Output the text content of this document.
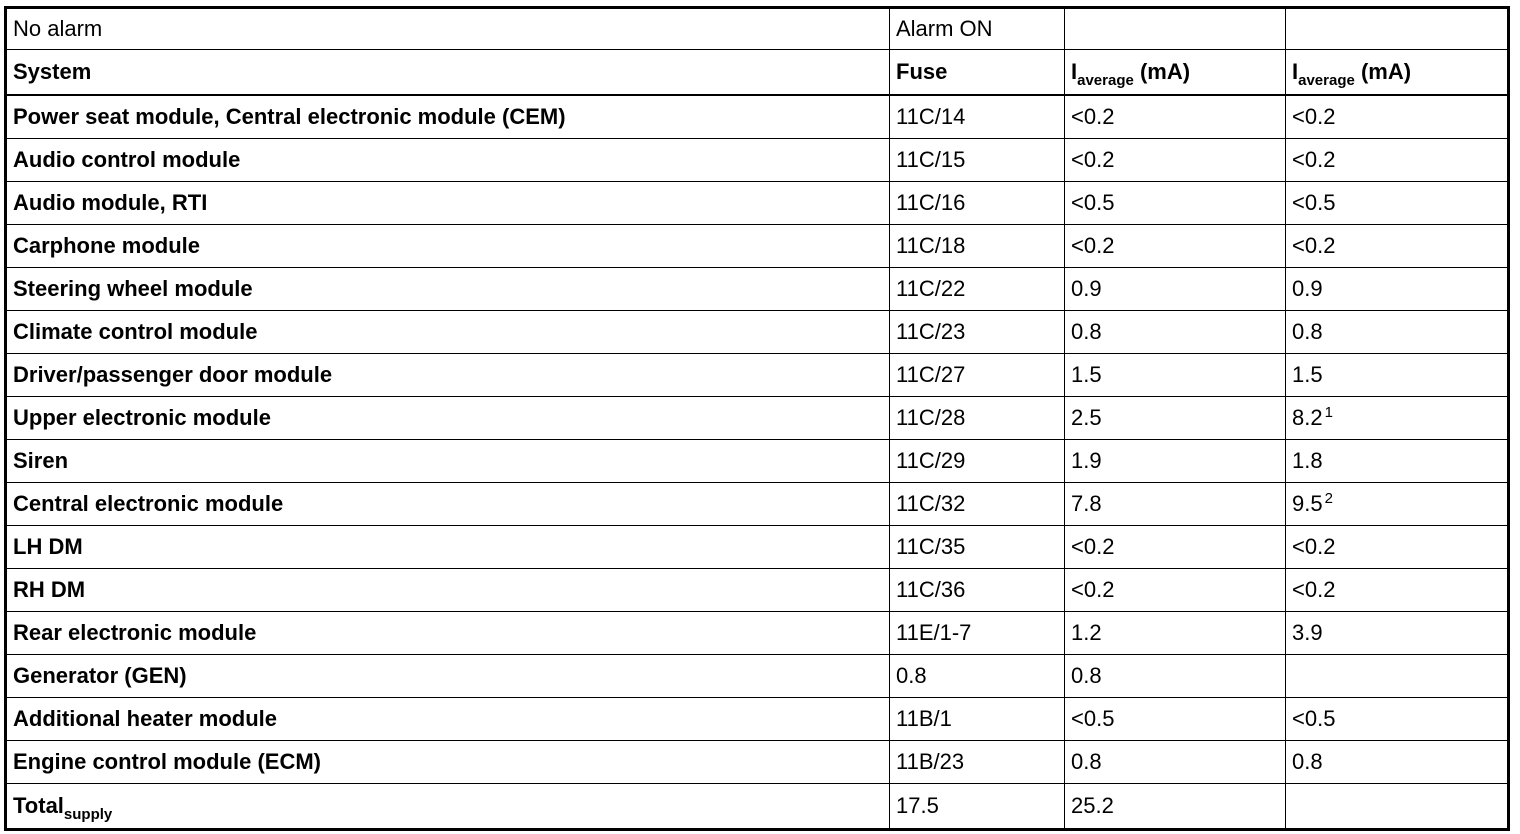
No alarm	Alarm ON		
System	Fuse	$I_{average}$ (mA)	$I_{average}$ (mA)
Power seat module, Central electronic module (CEM)	11C/14	<0.2	<0.2
Audio control module	11C/15	<0.2	<0.2
Audio module, RTI	11C/16	<0.5	<0.5
Carphone module	11C/18	<0.2	<0.2
Steering wheel module	11C/22	0.9	0.9
Climate control module	11C/23	0.8	0.8
Driver/passenger door module	11C/27	1.5	1.5
Upper electronic module	11C/28	2.5	8.2 $^1$
Siren	11C/29	1.9	1.8
Central electronic module	11C/32	7.8	9.5 $^2$
LH DM	11C/35	<0.2	<0.2
RH DM	11C/36	<0.2	<0.2
Rear electronic module	11E/1-7	1.2	3.9
Generator (GEN)	0.8	0.8	
Additional heater module	11B/1	<0.5	<0.5
Engine control module (ECM)	11B/23	0.8	0.8
Total$_{supply}$	17.5	25.2	
